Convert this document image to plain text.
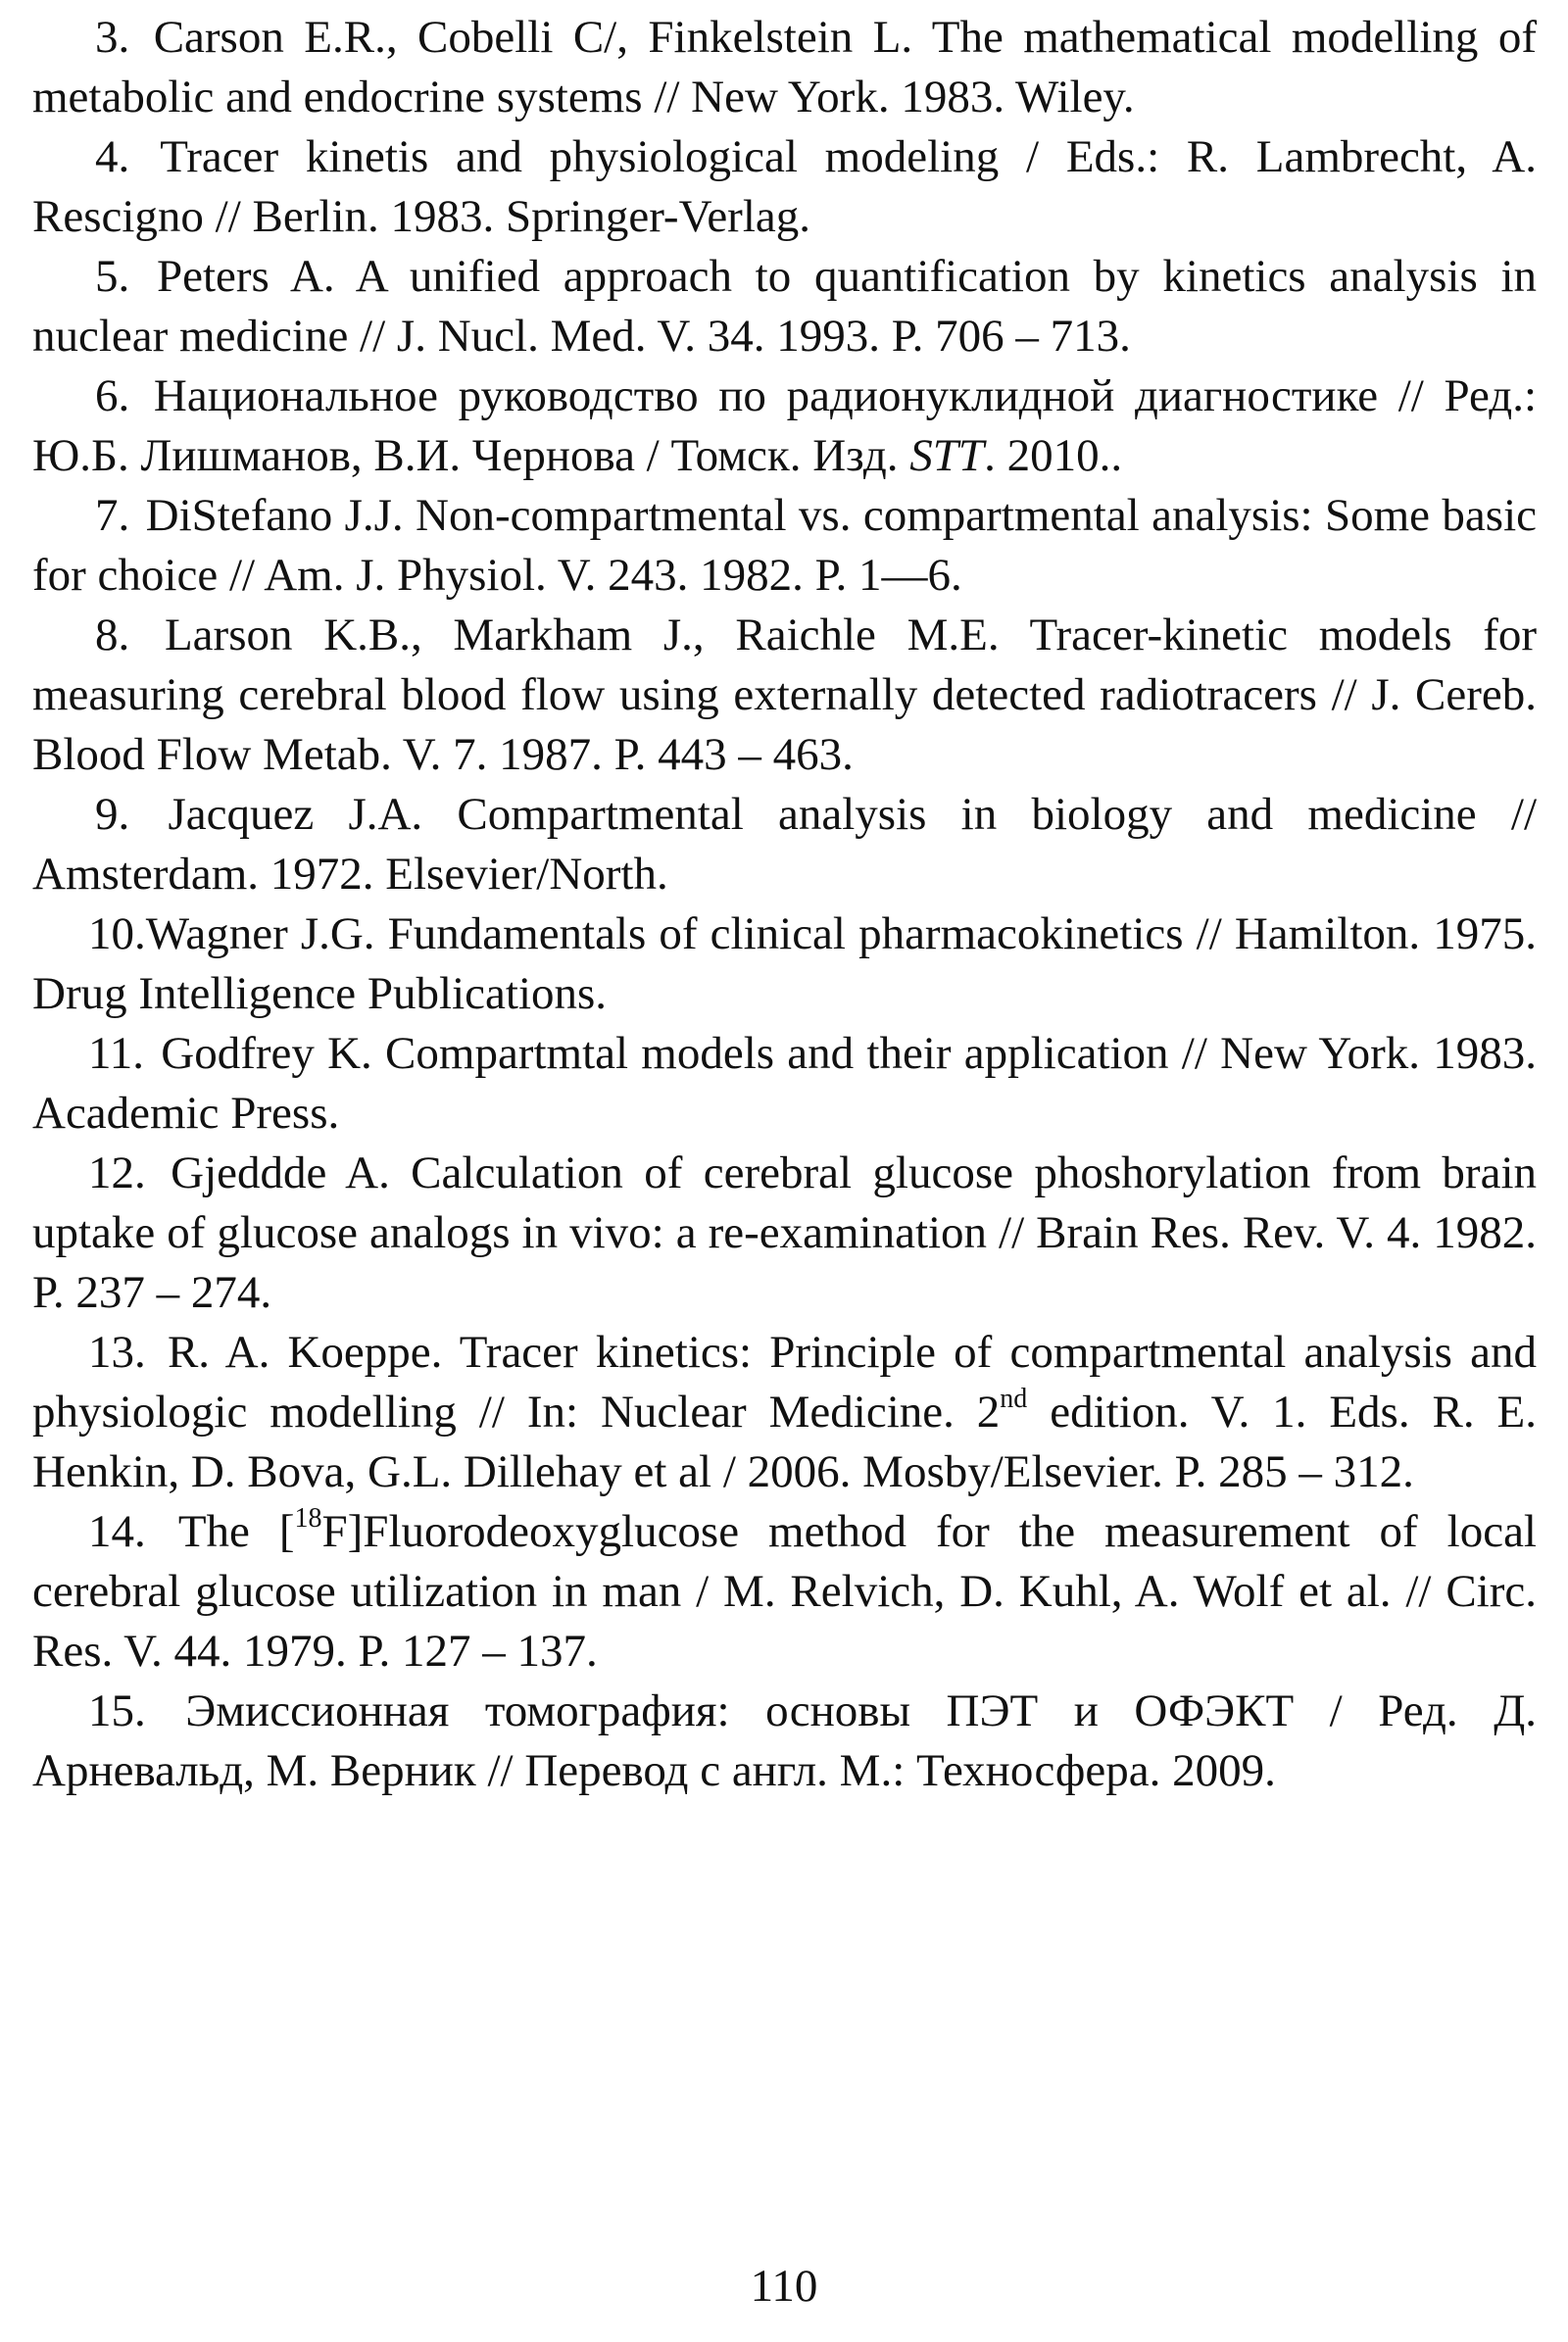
3. Carson E.R., Cobelli C/, Finkelstein L. The mathematical modelling of metabolic and endocrine systems // New York. 1983. Wiley.

4. Tracer kinetis and physiological modeling / Eds.: R. Lambrecht, A. Rescigno // Berlin. 1983. Springer-Verlag.

5. Peters A. A unified approach to quantification by kinetics analysis in nuclear medicine // J. Nucl. Med. V. 34. 1993. P. 706 – 713.

6. Национальное руководство по радионуклидной диагностике // Ред.: Ю.Б. Лишманов, В.И. Чернова / Томск. Изд. STT. 2010..

7. DiStefano J.J. Non-compartmental vs. compartmental analysis: Some basic for choice // Am. J. Physiol. V. 243. 1982. P. 1—6.

8. Larson K.B., Markham J., Raichle M.E. Tracer-kinetic models for measuring cerebral blood flow using externally detected radiotracers // J. Cereb. Blood Flow Metab. V. 7. 1987. P. 443 – 463.

9. Jacquez J.A. Compartmental analysis in biology and medicine // Amsterdam. 1972. Elsevier/North.

10.Wagner J.G. Fundamentals of clinical pharmacokinetics // Hamilton. 1975. Drug Intelligence Publications.

11. Godfrey K. Compartmtal models and their application // New York. 1983. Academic Press.

12. Gjeddde A. Calculation of cerebral glucose phoshorylation from brain uptake of glucose analogs in vivo: a re-examination // Brain Res. Rev. V. 4. 1982. P. 237 – 274.

13. R. A. Koeppe. Tracer kinetics: Principle of compartmental analysis and physiologic modelling // In: Nuclear Medicine. 2nd edition. V. 1. Eds. R. E. Henkin, D. Bova, G.L. Dillehay et al / 2006. Mosby/Elsevier. P. 285 – 312.

14. The [$^{18}$F]Fluorodeoxyglucose method for the measurement of local cerebral glucose utilization in man / M. Relvich, D. Kuhl, A. Wolf et al. // Circ. Res. V. 44. 1979. P. 127 – 137.

15. Эмиссионная томография: основы ПЭТ и ОФЭКТ / Ред. Д. Арневальд, М. Верник // Перевод с англ. М.: Техносфера. 2009.

110
